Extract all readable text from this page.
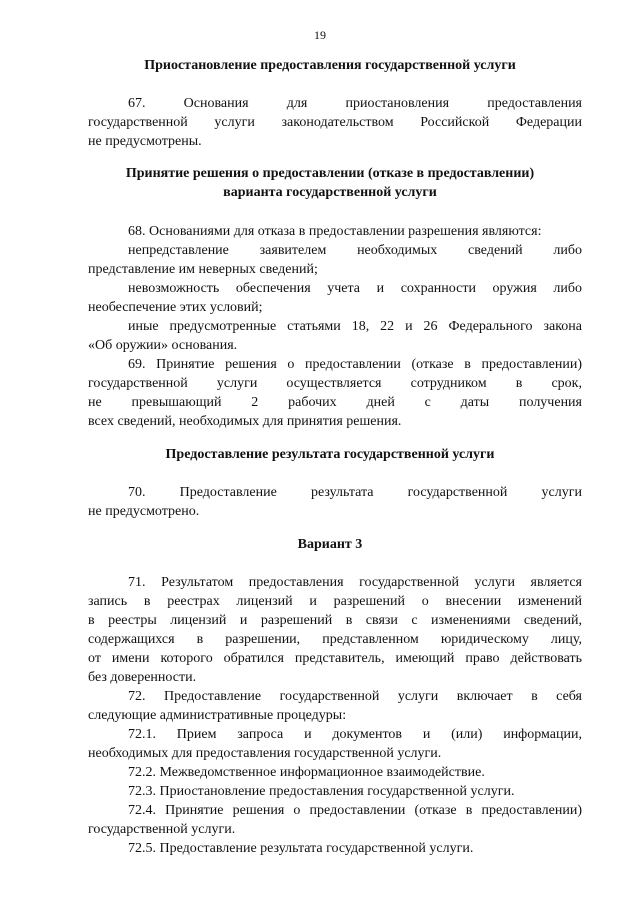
19
Приостановление предоставления государственной услуги
67. Основания для приостановления предоставления
государственной услуги законодательством Российской Федерации
не предусмотрены.
Принятие решения о предоставлении (отказе в предоставлении)
варианта государственной услуги
68. Основаниями для отказа в предоставлении разрешения являются:
непредставление заявителем необходимых сведений либо
представление им неверных сведений;
невозможность обеспечения учета и сохранности оружия либо
необеспечение этих условий;
иные предусмотренные статьями 18, 22 и 26 Федерального закона
«Об оружии» основания.
69. Принятие решения о предоставлении (отказе в предоставлении)
государственной услуги осуществляется сотрудником в срок,
не превышающий 2 рабочих дней с даты получения
всех сведений, необходимых для принятия решения.
Предоставление результата государственной услуги
70. Предоставление результата государственной услуги
не предусмотрено.
Вариант 3
71. Результатом предоставления государственной услуги является
запись в реестрах лицензий и разрешений о внесении изменений
в реестры лицензий и разрешений в связи с изменениями сведений,
содержащихся в разрешении, представленном юридическому лицу,
от имени которого обратился представитель, имеющий право действовать
без доверенности.
72. Предоставление государственной услуги включает в себя
следующие административные процедуры:
72.1. Прием запроса и документов и (или) информации,
необходимых для предоставления государственной услуги.
72.2. Межведомственное информационное взаимодействие.
72.3. Приостановление предоставления государственной услуги.
72.4. Принятие решения о предоставлении (отказе в предоставлении)
государственной услуги.
72.5. Предоставление результата государственной услуги.
